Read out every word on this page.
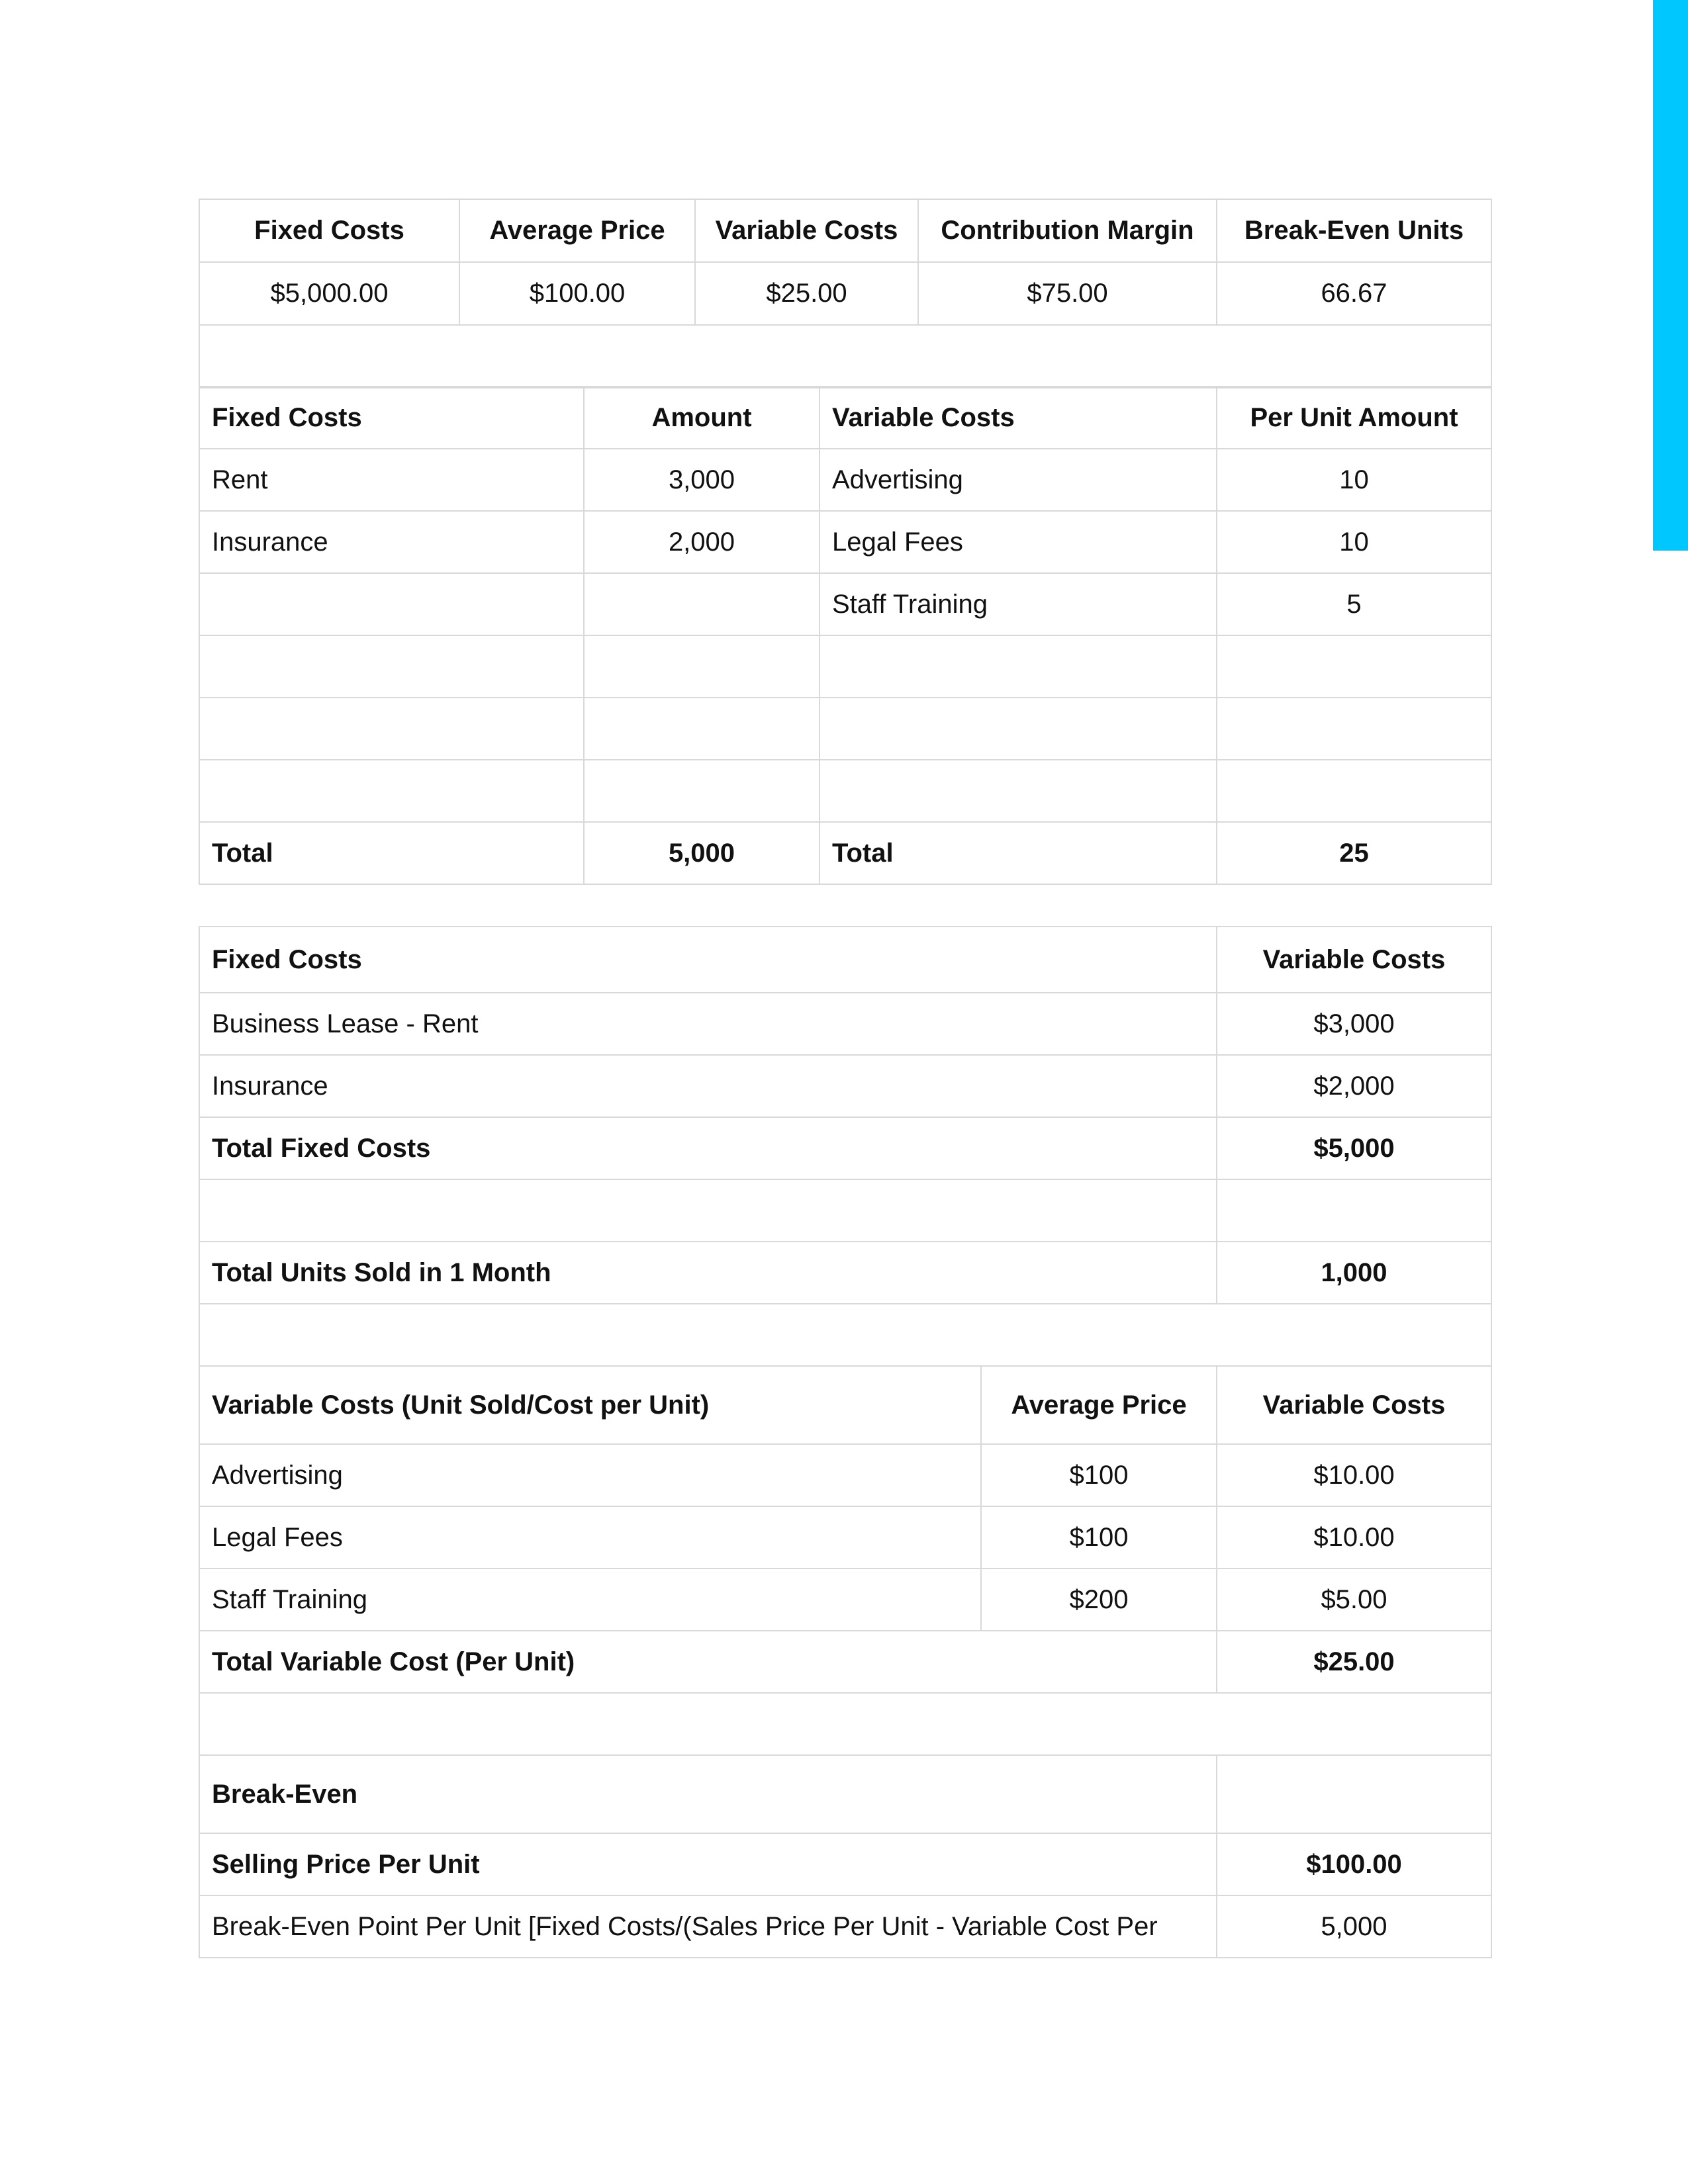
Fixed Costs	Average Price	Variable Costs	Contribution Margin	Break-Even Units
$5,000.00	$100.00	$25.00	$75.00	66.67

Fixed Costs	Amount	Variable Costs	Per Unit Amount
Rent	3,000	Advertising	10
Insurance	2,000	Legal Fees	10
		Staff Training	5

Total	5,000	Total	25
Fixed Costs		Variable Costs
Business Lease - Rent		$3,000
Insurance		$2,000
Total Fixed Costs		$5,000

Total Units Sold in 1 Month		1,000

Variable Costs (Unit Sold/Cost per Unit)	Average Price	Variable Costs
Advertising	$100	$10.00
Legal Fees	$100	$10.00
Staff Training	$200	$5.00
Total Variable Cost (Per Unit)		$25.00

Break-Even		
Selling Price Per Unit		$100.00
Break-Even Point Per Unit [Fixed Costs/(Sales Price Per Unit - Variable Cost Per		5,000
